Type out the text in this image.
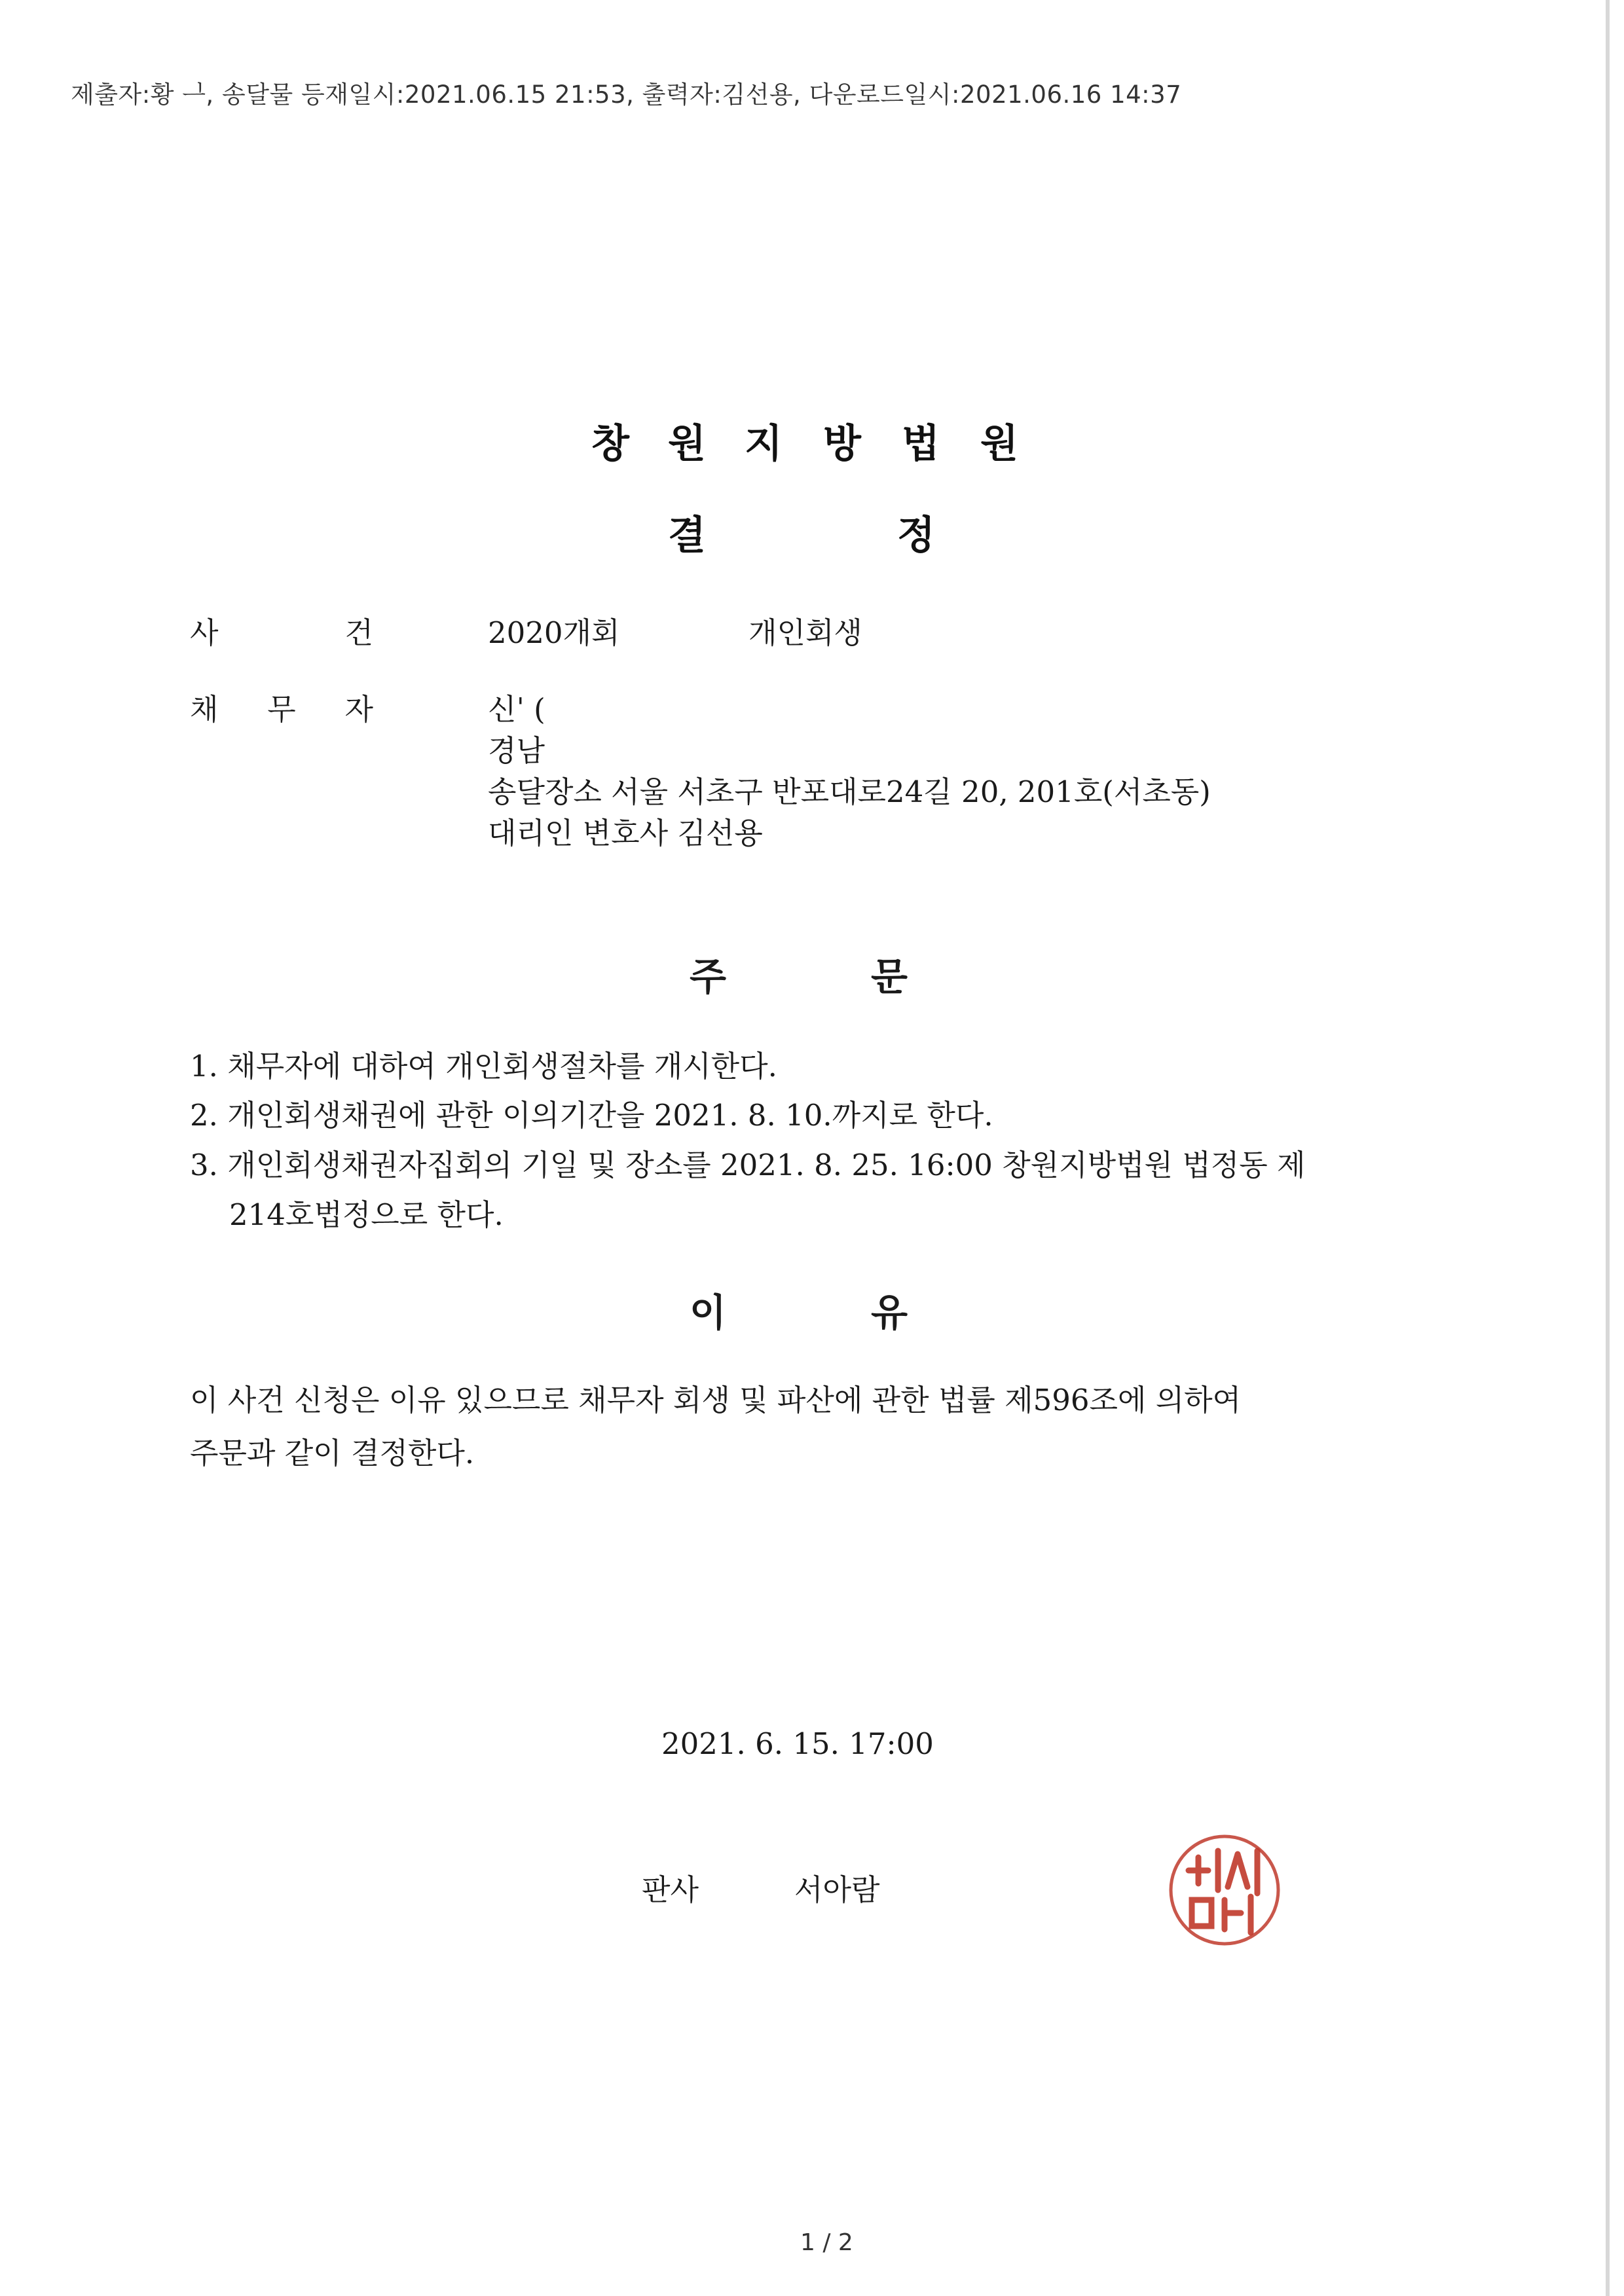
제출자:황 ᆜ, 송달물 등재일시:2021.06.15 21:53, 출력자:김선용, 다운로드일시:2021.06.16 14:37
창 원 지 방 법 원
결	정
사	건	2020개회	개인회생
채 무 자	신ˈ (
경남
송달장소 서울 서초구 반포대로24길 20, 201호(서초동)
대리인 변호사 김선용
주	문
1. 채무자에 대하여 개인회생절차를 개시한다.
2. 개인회생채권에 관한 이의기간을 2021. 8. 10.까지로 한다.
3. 개인회생채권자집회의 기일 및 장소를 2021. 8. 25. 16:00 창원지방법원 법정동 제
214호법정으로 한다.
이	유
이 사건 신청은 이유 있으므로 채무자 회생 및 파산에 관한 법률 제596조에 의하여
주문과 같이 결정한다.
2021. 6. 15. 17:00
판사	서아람
1 / 2
